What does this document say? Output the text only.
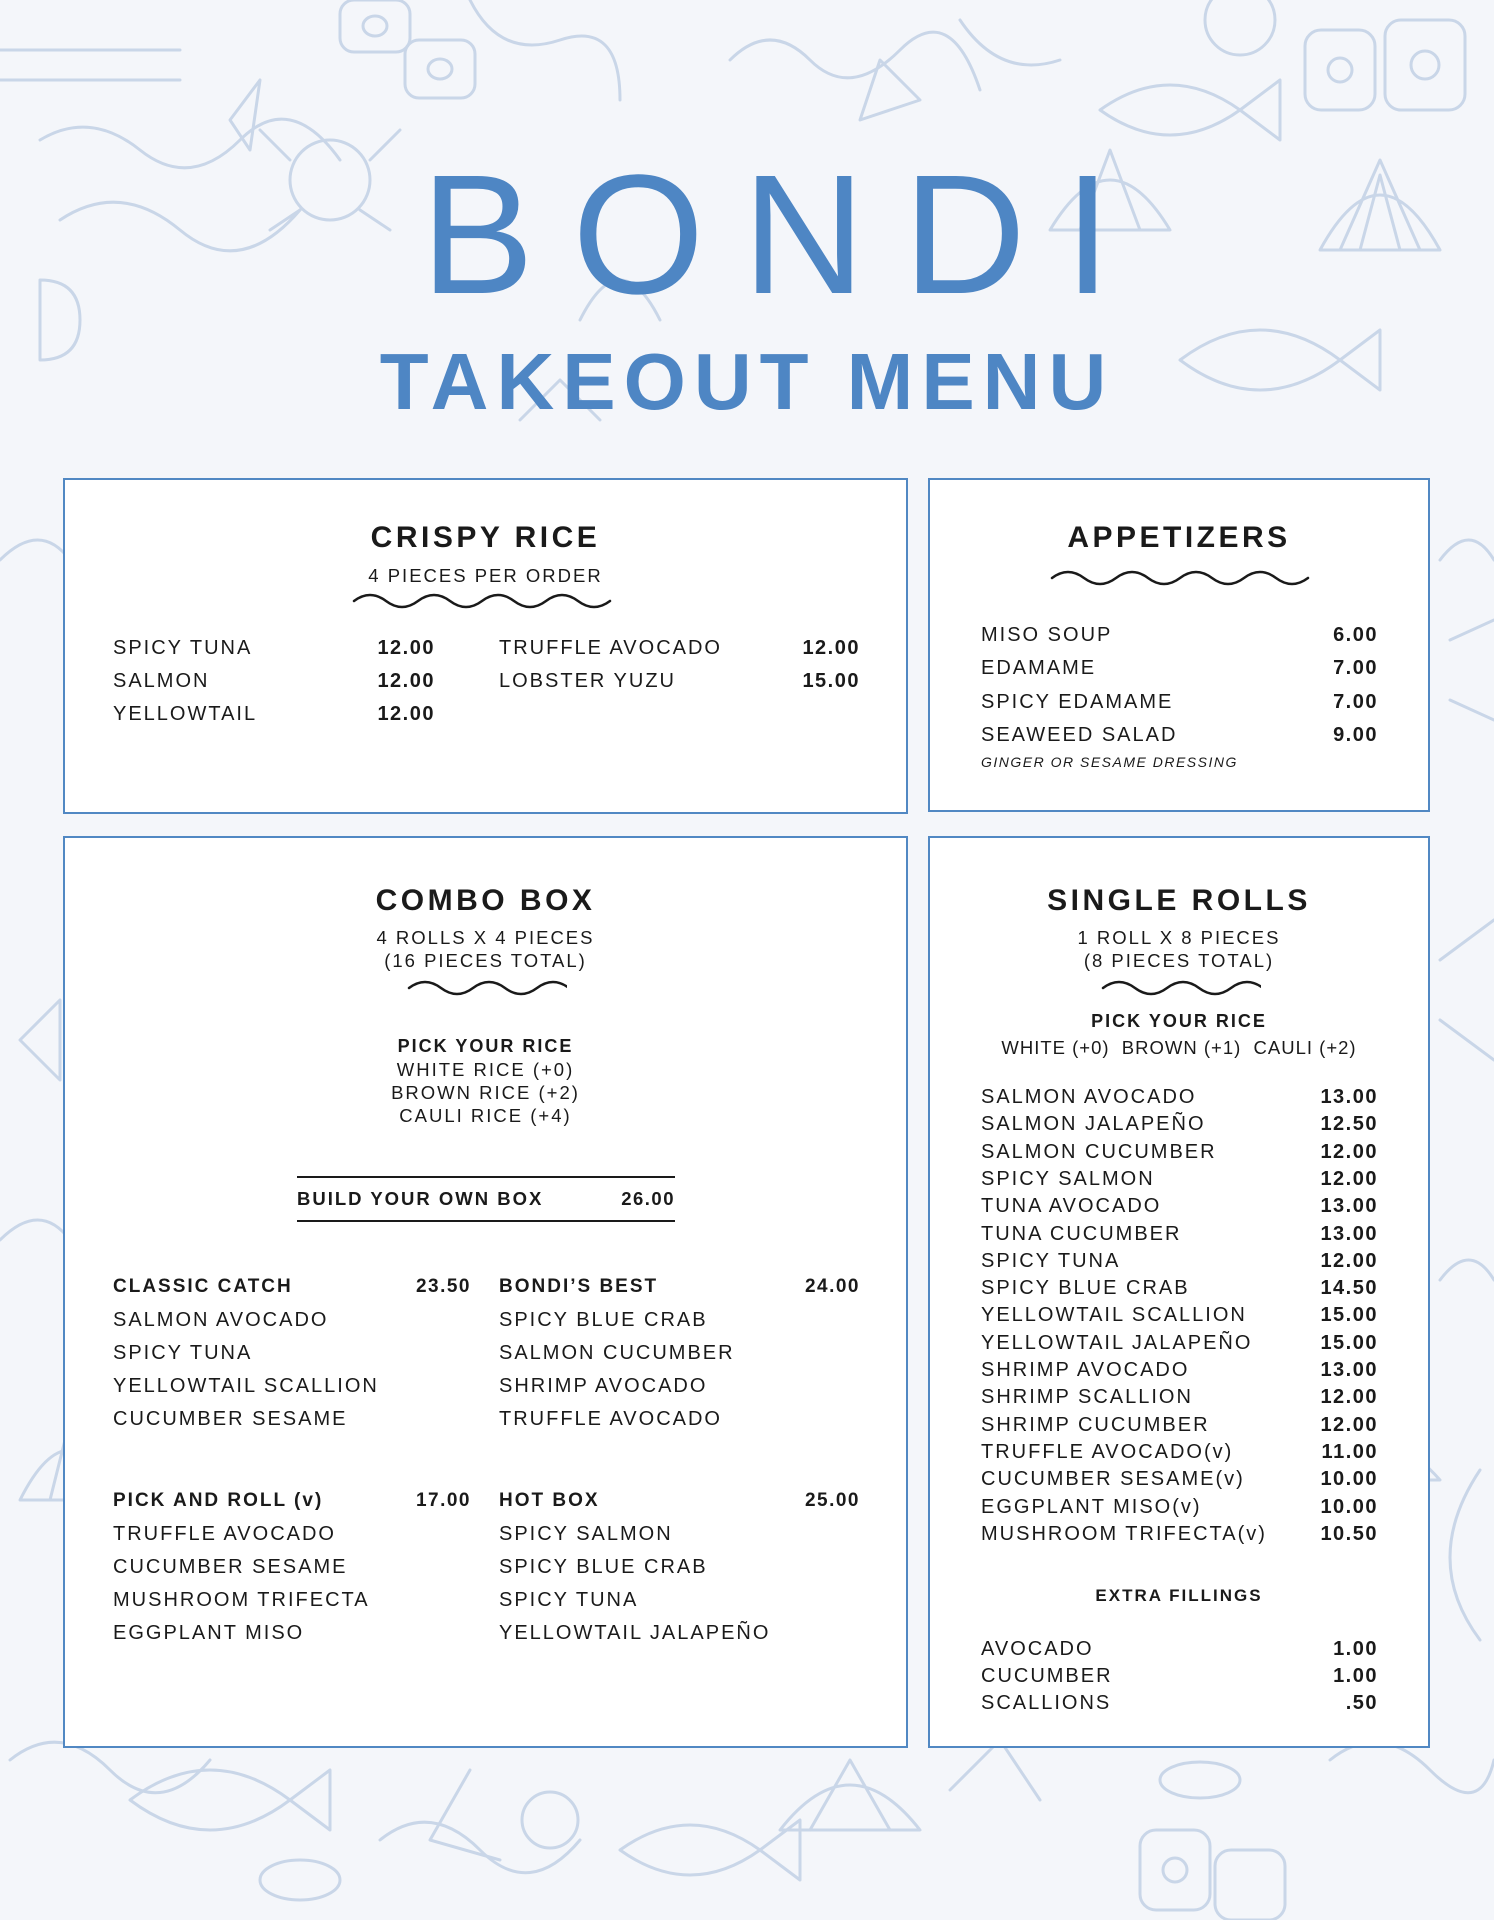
BONDI
TAKEOUT MENU
CRISPY RICE
4 PIECES PER ORDER
SPICY TUNA	12.00
SALMON	12.00
YELLOWTAIL	12.00
TRUFFLE AVOCADO	12.00
LOBSTER YUZU	15.00
APPETIZERS
MISO SOUP	6.00
EDAMAME	7.00
SPICY EDAMAME	7.00
SEAWEED SALAD	9.00
GINGER OR SESAME DRESSING
COMBO BOX
4 ROLLS X 4 PIECES
(16 PIECES TOTAL)
PICK YOUR RICE
WHITE RICE (+0)
BROWN RICE (+2)
CAULI RICE (+4)
BUILD YOUR OWN BOX	26.00
CLASSIC CATCH	23.50
SALMON AVOCADO
SPICY TUNA
YELLOWTAIL SCALLION
CUCUMBER SESAME
BONDI’S BEST	24.00
SPICY BLUE CRAB
SALMON CUCUMBER
SHRIMP AVOCADO
TRUFFLE AVOCADO
PICK AND ROLL (v)	17.00
TRUFFLE AVOCADO
CUCUMBER SESAME
MUSHROOM TRIFECTA
EGGPLANT MISO
HOT BOX	25.00
SPICY SALMON
SPICY BLUE CRAB
SPICY TUNA
YELLOWTAIL JALAPEÑO
SINGLE ROLLS
1 ROLL X 8 PIECES
(8 PIECES TOTAL)
PICK YOUR RICE
WHITE (+0)  BROWN (+1)  CAULI (+2)
SALMON AVOCADO	13.00
SALMON JALAPEÑO	12.50
SALMON CUCUMBER	12.00
SPICY SALMON	12.00
TUNA AVOCADO	13.00
TUNA CUCUMBER	13.00
SPICY TUNA	12.00
SPICY BLUE CRAB	14.50
YELLOWTAIL SCALLION	15.00
YELLOWTAIL JALAPEÑO	15.00
SHRIMP AVOCADO	13.00
SHRIMP SCALLION	12.00
SHRIMP CUCUMBER	12.00
TRUFFLE AVOCADO(v)	11.00
CUCUMBER SESAME(v)	10.00
EGGPLANT MISO(v)	10.00
MUSHROOM TRIFECTA(v)	10.50
EXTRA FILLINGS
AVOCADO	1.00
CUCUMBER	1.00
SCALLIONS	.50
